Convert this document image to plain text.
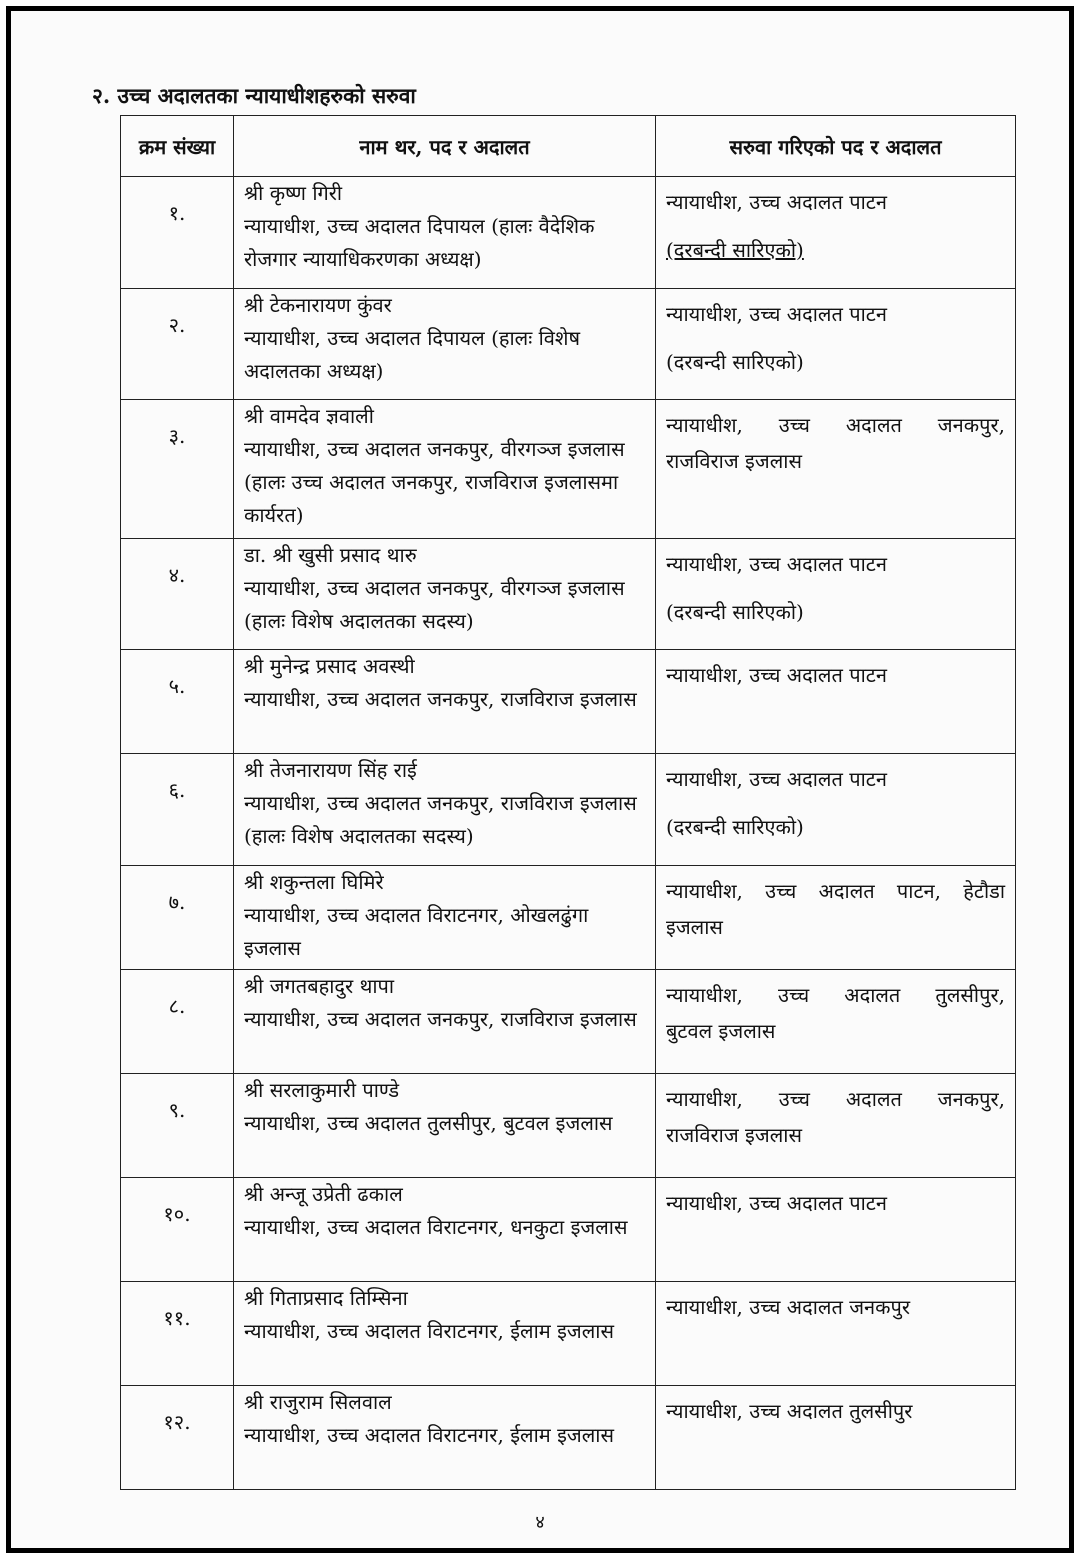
२. उच्च अदालतका न्यायाधीशहरुको सरुवा
क्रम संख्या	नाम थर, पद र अदालत	सरुवा गरिएको पद र अदालत
१.	श्री कृष्ण गिरी
न्यायाधीश, उच्च अदालत दिपायल (हालः वैदेशिक रोजगार न्यायाधिकरणका अध्यक्ष)	न्यायाधीश, उच्च अदालत पाटन
(दरबन्दी सारिएको)

२.	श्री टेकनारायण कुंवर
न्यायाधीश, उच्च अदालत दिपायल (हालः विशेष अदालतका अध्यक्ष)	न्यायाधीश, उच्च अदालत पाटन
(दरबन्दी सारिएको)

३.	श्री वामदेव ज्ञवाली
न्यायाधीश, उच्च अदालत जनकपुर, वीरगञ्ज इजलास (हालः उच्च अदालत जनकपुर, राजविराज इजलासमा कार्यरत)	न्यायाधीश, उच्च अदालत जनकपुर,
राजविराज इजलास

४.	डा. श्री खुसी प्रसाद थारु
न्यायाधीश, उच्च अदालत जनकपुर, वीरगञ्ज इजलास (हालः विशेष अदालतका सदस्य)	न्यायाधीश, उच्च अदालत पाटन
(दरबन्दी सारिएको)

५.	श्री मुनेन्द्र प्रसाद अवस्थी
न्यायाधीश, उच्च अदालत जनकपुर, राजविराज इजलास	न्यायाधीश, उच्च अदालत पाटन

६.	श्री तेजनारायण सिंह राई
न्यायाधीश, उच्च अदालत जनकपुर, राजविराज इजलास (हालः विशेष अदालतका सदस्य)	न्यायाधीश, उच्च अदालत पाटन
(दरबन्दी सारिएको)

७.	श्री शकुन्तला घिमिरे
न्यायाधीश, उच्च अदालत विराटनगर, ओखलढुंगा इजलास	न्यायाधीश, उच्च अदालत पाटन, हेटौडा
इजलास

८.	श्री जगतबहादुर थापा
न्यायाधीश, उच्च अदालत जनकपुर, राजविराज इजलास	न्यायाधीश, उच्च अदालत तुलसीपुर,
बुटवल इजलास

९.	श्री सरलाकुमारी पाण्डे
न्यायाधीश, उच्च अदालत तुलसीपुर, बुटवल इजलास	न्यायाधीश, उच्च अदालत जनकपुर,
राजविराज इजलास

१०.	श्री अन्जू उप्रेती ढकाल
न्यायाधीश, उच्च अदालत विराटनगर, धनकुटा इजलास	न्यायाधीश, उच्च अदालत पाटन

११.	श्री गिताप्रसाद तिम्सिना
न्यायाधीश, उच्च अदालत विराटनगर, ईलाम इजलास	न्यायाधीश, उच्च अदालत जनकपुर

१२.	श्री राजुराम सिलवाल
न्यायाधीश, उच्च अदालत विराटनगर, ईलाम इजलास	न्यायाधीश, उच्च अदालत तुलसीपुर
४
